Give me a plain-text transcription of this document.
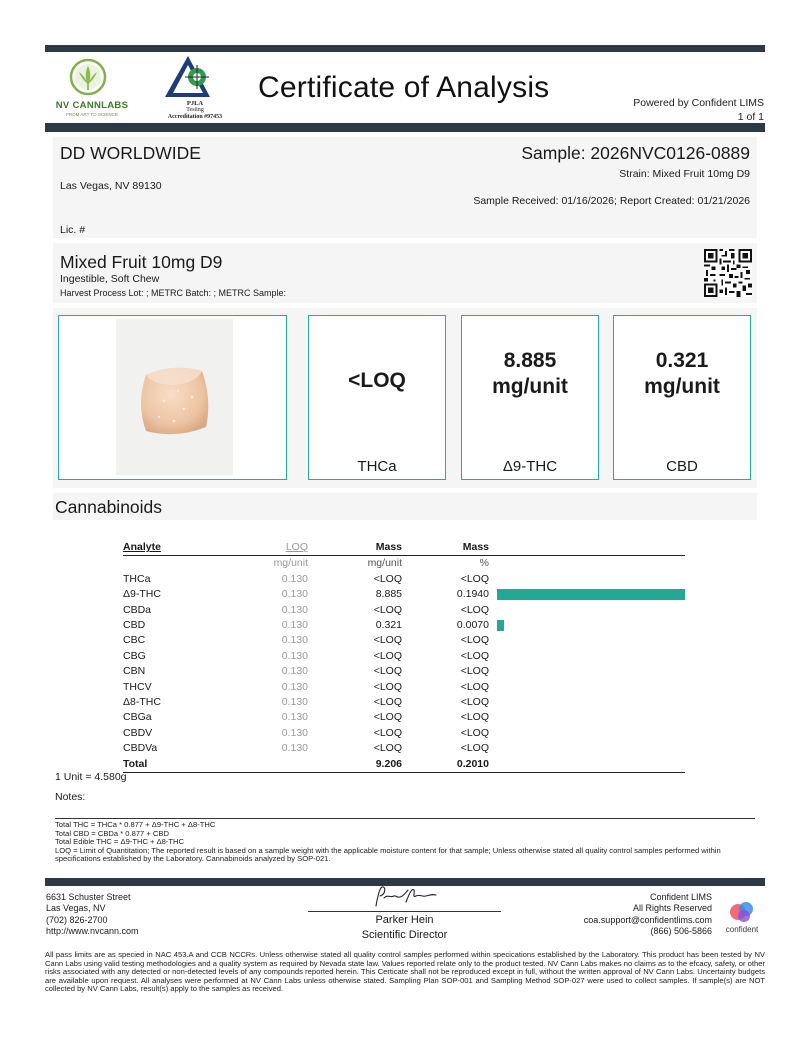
NV CANNLABS
FROM ART TO SCIENCE
PJLA
Testing
Accreditation #97453
Certificate of Analysis	Powered by Confident LIMS
1 of 1
DD WORLDWIDE
Las Vegas, NV 89130
Lic. #
Sample: 2026NVC0126-0889
Strain: Mixed Fruit 10mg D9
Sample Received: 01/16/2026; Report Created: 01/21/2026
Mixed Fruit 10mg D9
Ingestible, Soft Chew
Harvest Process Lot: ; METRC Batch: ; METRC Sample:
<LOQ
THCa
8.885 mg/unit
Δ9-THC
0.321 mg/unit
CBD
Cannabinoids
Analyte	LOQ	Mass	Mass	
	mg/unit	mg/unit	%	
THCa	0.130	<LOQ	<LOQ	
Δ9-THC	0.130	8.885	0.1940	
CBDa	0.130	<LOQ	<LOQ	
CBD	0.130	0.321	0.0070	
CBC	0.130	<LOQ	<LOQ	
CBG	0.130	<LOQ	<LOQ	
CBN	0.130	<LOQ	<LOQ	
THCV	0.130	<LOQ	<LOQ	
Δ8-THC	0.130	<LOQ	<LOQ	
CBGa	0.130	<LOQ	<LOQ	
CBDV	0.130	<LOQ	<LOQ	
CBDVa	0.130	<LOQ	<LOQ	
Total		9.206	0.2010	
1 Unit = 4.580g
Notes:
Total THC = THCa * 0.877 + Δ9-THC + Δ8-THC
Total CBD = CBDa * 0.877 + CBD
Total Edible THC = Δ9-THC + Δ8-THC
LOQ = Limit of Quantitation; The reported result is based on a sample weight with the applicable moisture content for that sample; Unless otherwise stated all quality control samples performed within specifications established by the Laboratory. Cannabinoids analyzed by SOP-021.
6631 Schuster Street
Las Vegas, NV
(702) 826-2700
http://www.nvcann.com
Parker Hein
Scientific Director
Confident LIMS
All Rights Reserved
coa.support@confidentlims.com
(866) 506-5866	confident
All pass limits are as specied in NAC 453.A and CCB NCCRs. Unless otherwise stated all quality control samples performed within specications established by the Laboratory. This product has been tested by NV Cann Labs using valid testing methodologies and a quality system as required by Nevada state law. Values reported relate only to the product tested. NV Cann Labs makes no claims as to the efcacy, safety, or other risks associated with any detected or non-detected levels of any compounds reported herein. This Certicate shall not be reproduced except in full, without the written approval of NV Cann Labs. Uncertainty budgets are available upon request. All analyses were performed at NV Cann Labs unless otherwise stated. Sampling Plan SOP-001 and Sampling Method SOP-027 were used to collect samples. If sample(s) are NOT collected by NV Cann Labs, result(s) apply to the samples as received.
